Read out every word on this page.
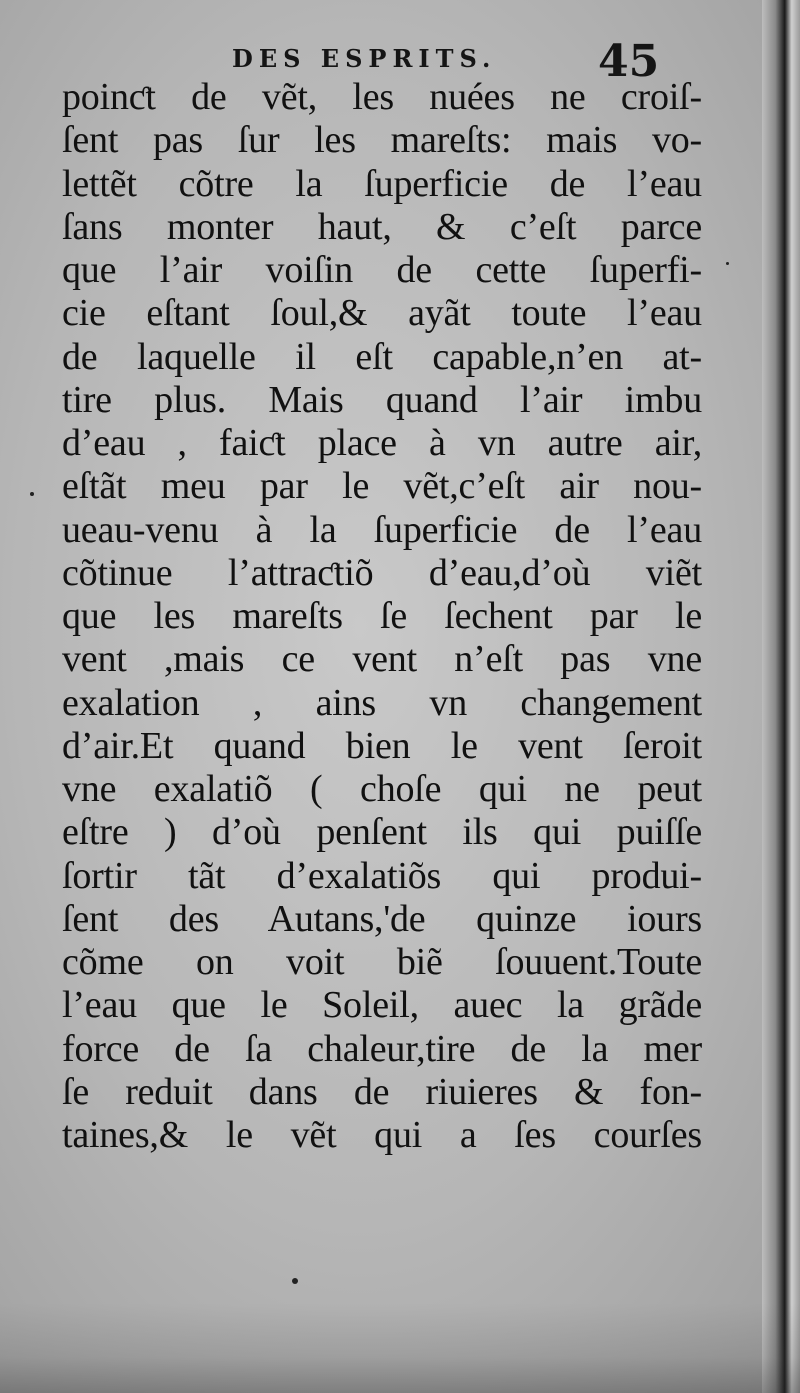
DES ESPRITS. 45
poinƈt de vẽt, les nuées ne croiſ-
ſent pas ſur les mareſts: mais vo-
lettẽt cõtre la ſuperficie de l’eau
ſans monter haut, & c’eſt parce
que l’air voiſin de cette ſuperfi-
cie eſtant ſoul,& ayãt toute l’eau
de laquelle il eſt capable,n’en at-
tire plus. Mais quand l’air imbu
d’eau , faiƈt place à vn autre air,
eſtãt meu par le vẽt,c’eſt air nou-
ueau-venu à la ſuperficie de l’eau
cõtinue l’attraƈtiõ d’eau,d’où viẽt
que les mareſts ſe ſechent par le
vent ,mais ce vent n’eſt pas vne
exalation , ains vn changement
d’air.Et quand bien le vent ſeroit
vne exalatiõ ( choſe qui ne peut
eſtre ) d’où penſent ils qui puiſſe
ſortir tãt d’exalatiõs qui produi-
ſent des Autans,'de quinze iours
cõme on voit biẽ ſouuent.Toute
l’eau que le Soleil, auec la grãde
force de ſa chaleur,tire de la mer
ſe reduit dans de riuieres & fon-
taines,& le vẽt qui a ſes courſes
